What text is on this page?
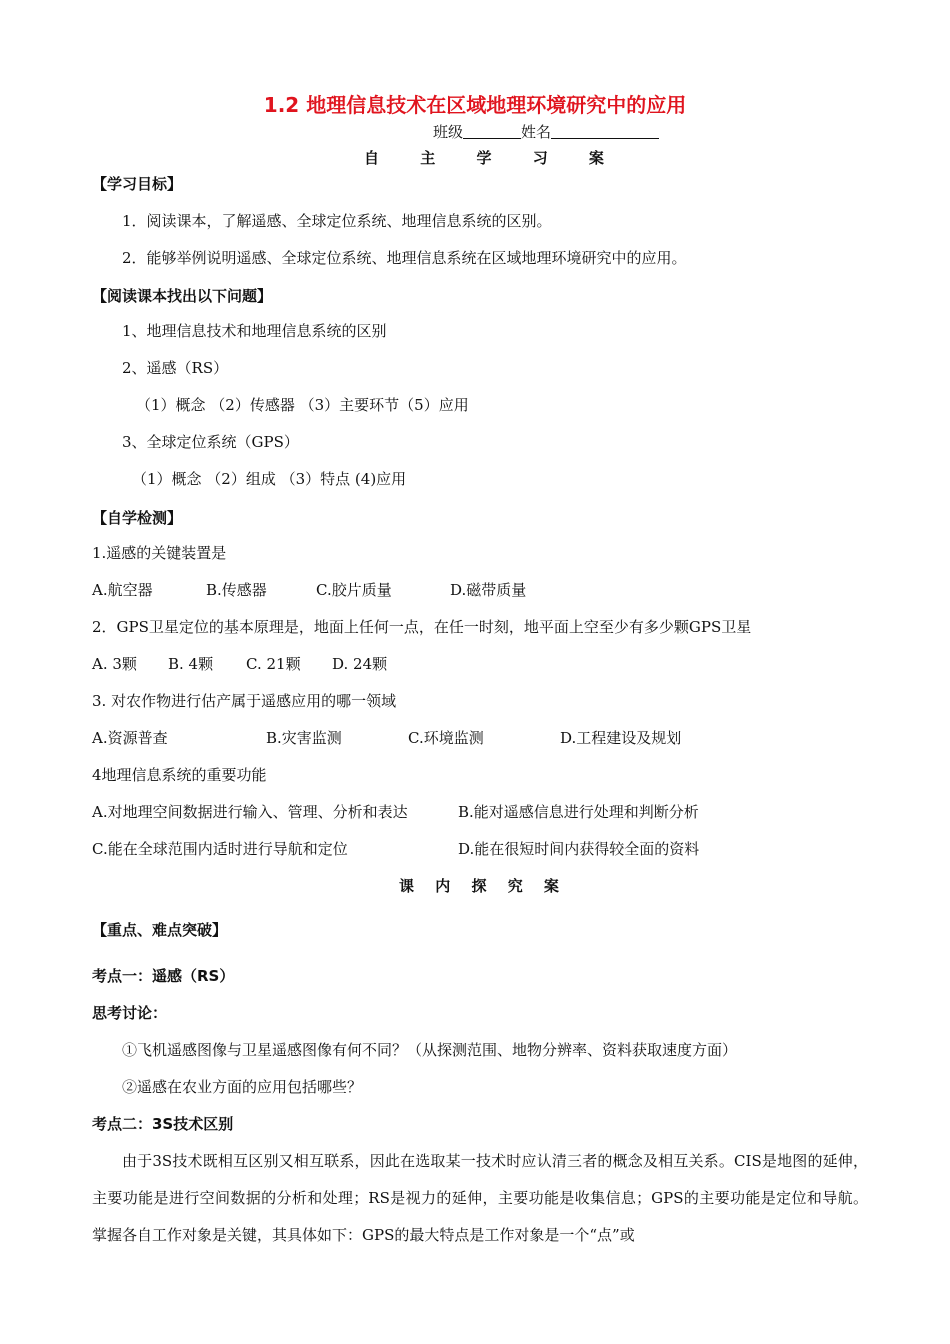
1.2 地理信息技术在区域地理环境研究中的应用
班级	姓名
自 主 学 习 案
【学习目标】
1．阅读课本，了解遥感、全球定位系统、地理信息系统的区别。
2．能够举例说明遥感、全球定位系统、地理信息系统在区域地理环境研究中的应用。
【阅读课本找出以下问题】
1、地理信息技术和地理信息系统的区别
2、遥感（RS）
（1）概念 （2）传感器 （3）主要环节（5）应用
3、全球定位系统（GPS）
（1）概念 （2）组成 （3）特点 (4)应用
【自学检测】
1.遥感的关键装置是
A.航空器	B.传感器	C.胶片质量	D.磁带质量
2．GPS卫星定位的基本原理是，地面上任何一点，在任一时刻，地平面上空至少有多少颗GPS卫星
A. 3颗 B. 4颗 C. 21颗 D. 24颗
3. 对农作物进行估产属于遥感应用的哪一领域
A.资源普查	B.灾害监测	C.环境监测	D.工程建设及规划
4地理信息系统的重要功能
A.对地理空间数据进行输入、管理、分析和表达	B.能对遥感信息进行处理和判断分析
C.能在全球范围内适时进行导航和定位	D.能在很短时间内获得较全面的资料
课 内 探 究 案
【重点、难点突破】
考点一：遥感（RS）
思考讨论：
①飞机遥感图像与卫星遥感图像有何不同？（从探测范围、地物分辨率、资料获取速度方面）
②遥感在农业方面的应用包括哪些？
考点二：3S技术区别
由于3S技术既相互区别又相互联系，因此在选取某一技术时应认清三者的概念及相互关系。CIS是地图的延伸，主要功能是进行空间数据的分析和处理；RS是视力的延伸，主要功能是收集信息；GPS的主要功能是定位和导航。 掌握各自工作对象是关键，其具体如下：GPS的最大特点是工作对象是一个“点”或
